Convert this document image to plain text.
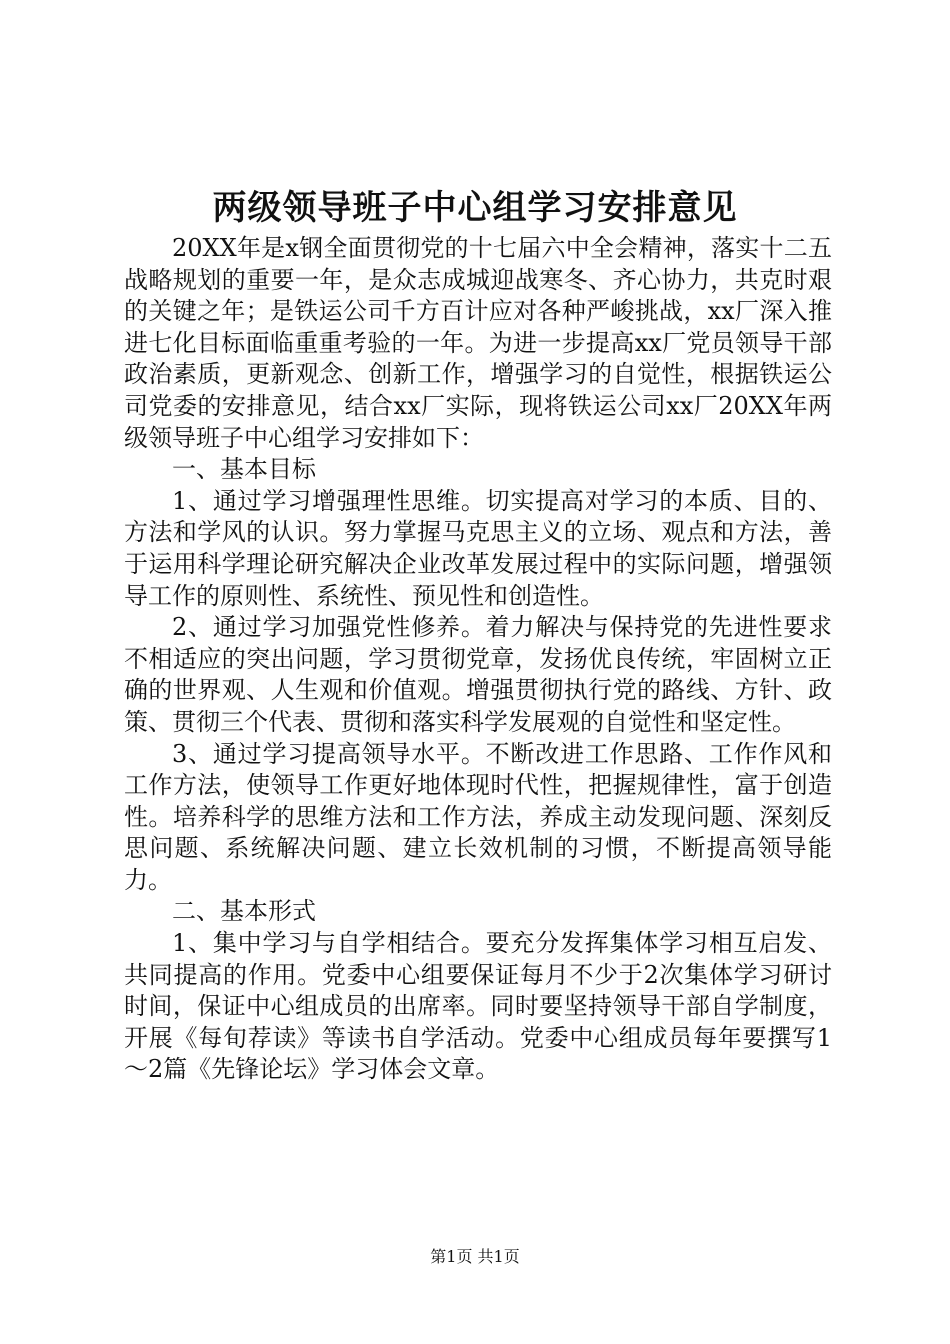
两级领导班子中心组学习安排意见

20XX年是x钢全面贯彻党的十七届六中全会精神，落实十二五战略规划的重要一年，是众志成城迎战寒冬、齐心协力，共克时艰的关键之年；是铁运公司千方百计应对各种严峻挑战，xx厂深入推进七化目标面临重重考验的一年。为进一步提高xx厂党员领导干部政治素质，更新观念、创新工作，增强学习的自觉性，根据铁运公司党委的安排意见，结合xx厂实际，现将铁运公司xx厂20XX年两级领导班子中心组学习安排如下：

一、基本目标

1、通过学习增强理性思维。切实提高对学习的本质、目的、方法和学风的认识。努力掌握马克思主义的立场、观点和方法，善于运用科学理论研究解决企业改革发展过程中的实际问题，增强领导工作的原则性、系统性、预见性和创造性。

2、通过学习加强党性修养。着力解决与保持党的先进性要求不相适应的突出问题，学习贯彻党章，发扬优良传统，牢固树立正确的世界观、人生观和价值观。增强贯彻执行党的路线、方针、政策、贯彻三个代表、贯彻和落实科学发展观的自觉性和坚定性。

3、通过学习提高领导水平。不断改进工作思路、工作作风和工作方法，使领导工作更好地体现时代性，把握规律性，富于创造性。培养科学的思维方法和工作方法，养成主动发现问题、深刻反思问题、系统解决问题、建立长效机制的习惯，不断提高领导能力。

二、基本形式

1、集中学习与自学相结合。要充分发挥集体学习相互启发、共同提高的作用。党委中心组要保证每月不少于2次集体学习研讨时间，保证中心组成员的出席率。同时要坚持领导干部自学制度，开展《每旬荐读》等读书自学活动。党委中心组成员每年要撰写1～2篇《先锋论坛》学习体会文章。

第1页 共1页
